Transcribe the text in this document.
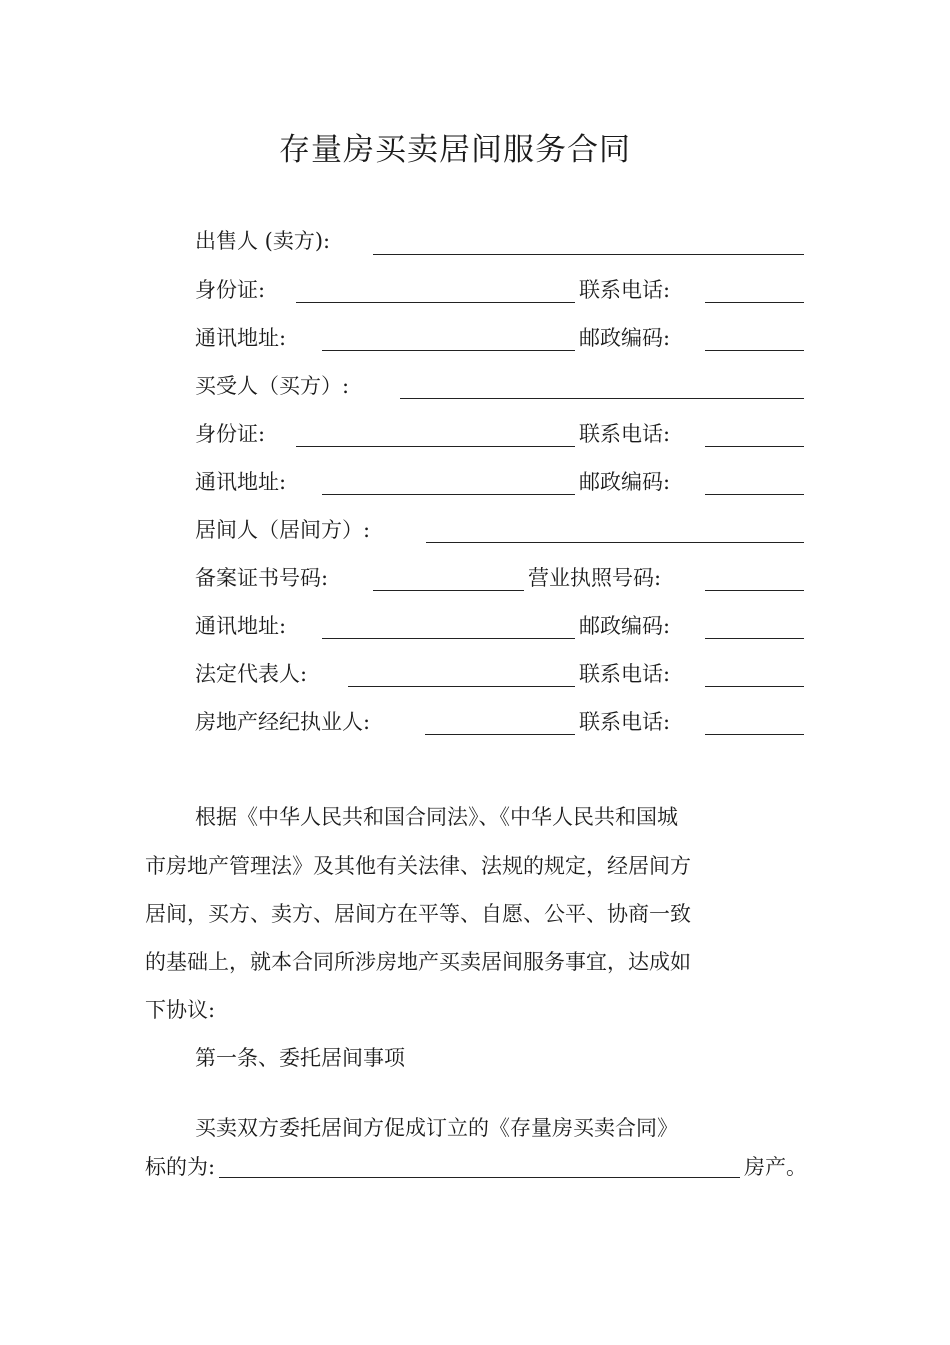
存量房买卖居间服务合同
出售人 (卖方):
身份证:	联系电话:
通讯地址:	邮政编码:
买受人（买方）:
身份证:	联系电话:
通讯地址:	邮政编码:
居间人（居间方）:
备案证书号码:	营业执照号码:
通讯地址:	邮政编码:
法定代表人:	联系电话:
房地产经纪执业人:	联系电话:
根据《中华人民共和国合同法》、《中华人民共和国城
市房地产管理法》及其他有关法律、法规的规定，经居间方
居间，买方、卖方、居间方在平等、自愿、公平、协商一致
的基础上，就本合同所涉房地产买卖居间服务事宜，达成如
下协议:
第一条、委托居间事项
买卖双方委托居间方促成订立的《存量房买卖合同》
标的为:	房产。
